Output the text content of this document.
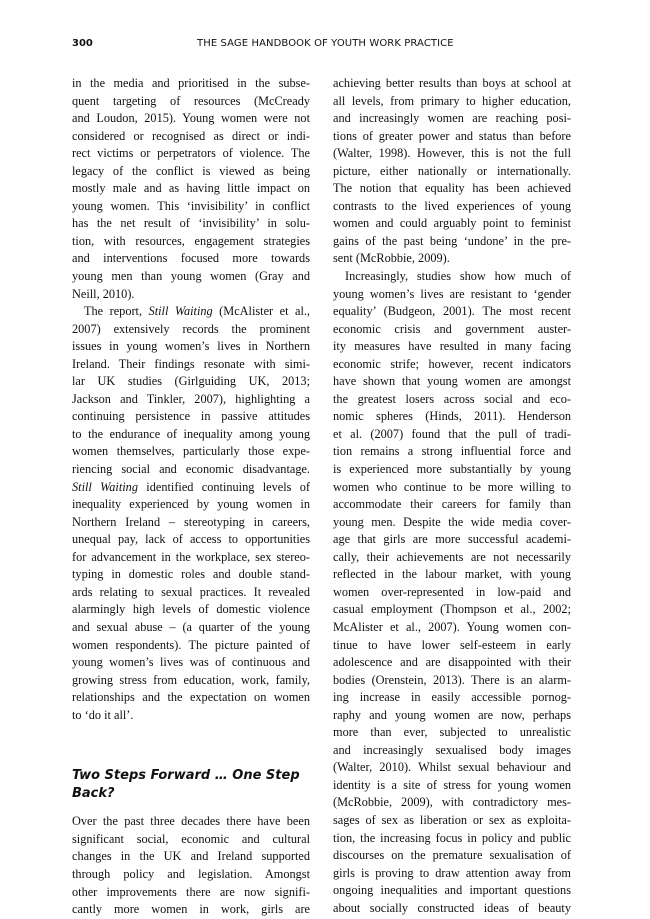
300	THE SAGE HANDBOOK OF YOUTH WORK PRACTICE
in the media and prioritised in the subse-
quent targeting of resources (McCready
and Loudon, 2015). Young women were not
considered or recognised as direct or indi-
rect victims or perpetrators of violence. The
legacy of the conflict is viewed as being
mostly male and as having little impact on
young women. This ‘invisibility’ in conflict
has the net result of ‘invisibility’ in solu-
tion, with resources, engagement strategies
and interventions focused more towards
young men than young women (Gray and
Neill, 2010).
The report, Still Waiting (McAlister et al.,
2007) extensively records the prominent
issues in young women’s lives in Northern
Ireland. Their findings resonate with simi-
lar UK studies (Girlguiding UK, 2013;
Jackson and Tinkler, 2007), highlighting a
continuing persistence in passive attitudes
to the endurance of inequality among young
women themselves, particularly those expe-
riencing social and economic disadvantage.
Still Waiting identified continuing levels of
inequality experienced by young women in
Northern Ireland – stereotyping in careers,
unequal pay, lack of access to opportunities
for advancement in the workplace, sex stereo-
typing in domestic roles and double stand-
ards relating to sexual practices. It revealed
alarmingly high levels of domestic violence
and sexual abuse – (a quarter of the young
women respondents). The picture painted of
young women’s lives was of continuous and
growing stress from education, work, family,
relationships and the expectation on women
to ‘do it all’.
Two Steps Forward … One Step
Back?
Over the past three decades there have been
significant social, economic and cultural
changes in the UK and Ireland supported
through policy and legislation. Amongst
other improvements there are now signifi-
cantly more women in work, girls are
achieving better results than boys at school at
all levels, from primary to higher education,
and increasingly women are reaching posi-
tions of greater power and status than before
(Walter, 1998). However, this is not the full
picture, either nationally or internationally.
The notion that equality has been achieved
contrasts to the lived experiences of young
women and could arguably point to feminist
gains of the past being ‘undone’ in the pre-
sent (McRobbie, 2009).
Increasingly, studies show how much of
young women’s lives are resistant to ‘gender
equality’ (Budgeon, 2001). The most recent
economic crisis and government auster-
ity measures have resulted in many facing
economic strife; however, recent indicators
have shown that young women are amongst
the greatest losers across social and eco-
nomic spheres (Hinds, 2011). Henderson
et al. (2007) found that the pull of tradi-
tion remains a strong influential force and
is experienced more substantially by young
women who continue to be more willing to
accommodate their careers for family than
young men. Despite the wide media cover-
age that girls are more successful academi-
cally, their achievements are not necessarily
reflected in the labour market, with young
women over-represented in low-paid and
casual employment (Thompson et al., 2002;
McAlister et al., 2007). Young women con-
tinue to have lower self-esteem in early
adolescence and are disappointed with their
bodies (Orenstein, 2013). There is an alarm-
ing increase in easily accessible pornog-
raphy and young women are now, perhaps
more than ever, subjected to unrealistic
and increasingly sexualised body images
(Walter, 2010). Whilst sexual behaviour and
identity is a site of stress for young women
(McRobbie, 2009), with contradictory mes-
sages of sex as liberation or sex as exploita-
tion, the increasing focus in policy and public
discourses on the premature sexualisation of
girls is proving to draw attention away from
ongoing inequalities and important questions
about socially constructed ideas of beauty
